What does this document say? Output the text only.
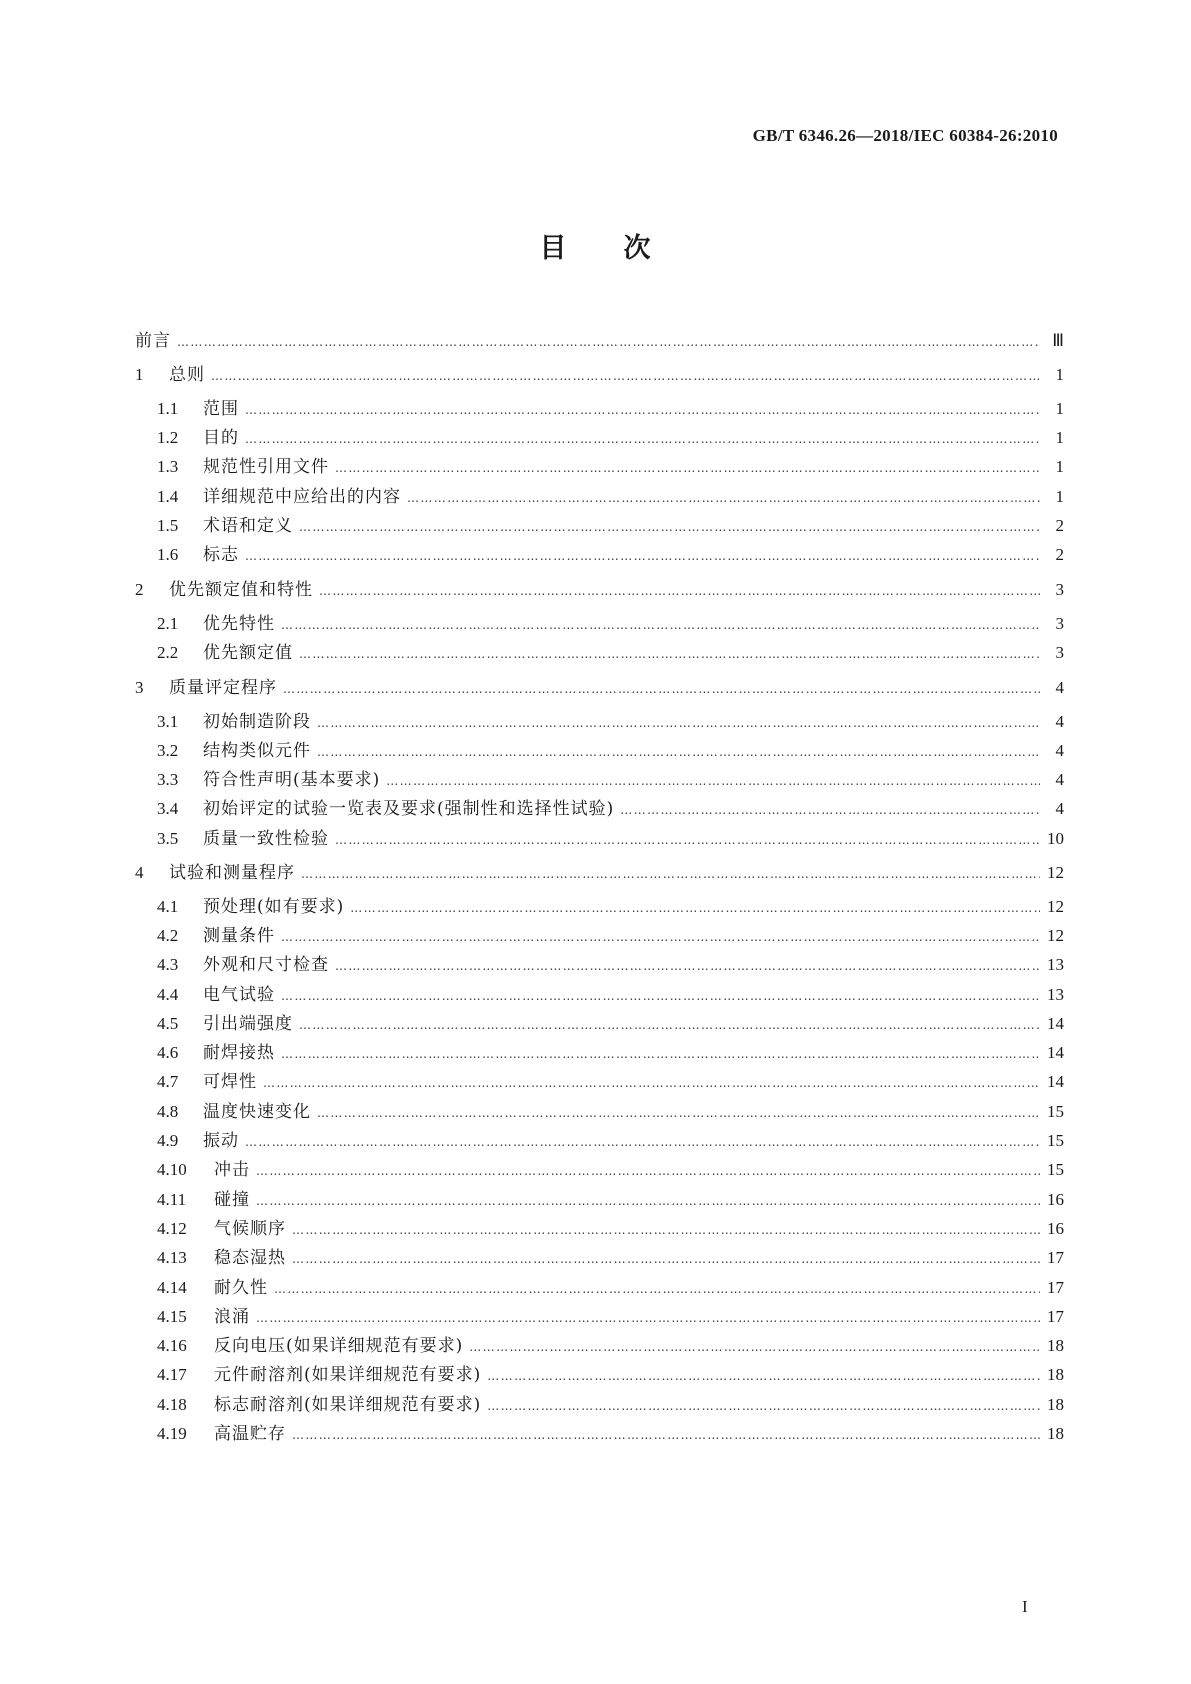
GB/T 6346.26—2018/IEC 60384-26:2010
目　　次
前言 ………………………………………………………………………………………………………………………………………………………………………………………………………………………………………………………………	Ⅲ
1	总则 ………………………………………………………………………………………………………………………………………………………………………………………………………………………………………………………………	1
1.1	范围 ………………………………………………………………………………………………………………………………………………………………………………………………………………………………………………………………	1
1.2	目的 ………………………………………………………………………………………………………………………………………………………………………………………………………………………………………………………………	1
1.3	规范性引用文件 ………………………………………………………………………………………………………………………………………………………………………………………………………………………………………………………………	1
1.4	详细规范中应给出的内容 ………………………………………………………………………………………………………………………………………………………………………………………………………………………………………………………………	1
1.5	术语和定义 ………………………………………………………………………………………………………………………………………………………………………………………………………………………………………………………………	2
1.6	标志 ………………………………………………………………………………………………………………………………………………………………………………………………………………………………………………………………	2
2	优先额定值和特性 ………………………………………………………………………………………………………………………………………………………………………………………………………………………………………………………………	3
2.1	优先特性 ………………………………………………………………………………………………………………………………………………………………………………………………………………………………………………………………	3
2.2	优先额定值 ………………………………………………………………………………………………………………………………………………………………………………………………………………………………………………………………	3
3	质量评定程序 ………………………………………………………………………………………………………………………………………………………………………………………………………………………………………………………………	4
3.1	初始制造阶段 ………………………………………………………………………………………………………………………………………………………………………………………………………………………………………………………………	4
3.2	结构类似元件 ………………………………………………………………………………………………………………………………………………………………………………………………………………………………………………………………	4
3.3	符合性声明(基本要求) ………………………………………………………………………………………………………………………………………………………………………………………………………………………………………………………………	4
3.4	初始评定的试验一览表及要求(强制性和选择性试验) ………………………………………………………………………………………………………………………………………………………………………………………………………………………………………………………………	4
3.5	质量一致性检验 ………………………………………………………………………………………………………………………………………………………………………………………………………………………………………………………………	10
4	试验和测量程序 ………………………………………………………………………………………………………………………………………………………………………………………………………………………………………………………………	12
4.1	预处理(如有要求) ………………………………………………………………………………………………………………………………………………………………………………………………………………………………………………………………	12
4.2	测量条件 ………………………………………………………………………………………………………………………………………………………………………………………………………………………………………………………………	12
4.3	外观和尺寸检查 ………………………………………………………………………………………………………………………………………………………………………………………………………………………………………………………………	13
4.4	电气试验 ………………………………………………………………………………………………………………………………………………………………………………………………………………………………………………………………	13
4.5	引出端强度 ………………………………………………………………………………………………………………………………………………………………………………………………………………………………………………………………	14
4.6	耐焊接热 ………………………………………………………………………………………………………………………………………………………………………………………………………………………………………………………………	14
4.7	可焊性 ………………………………………………………………………………………………………………………………………………………………………………………………………………………………………………………………	14
4.8	温度快速变化 ………………………………………………………………………………………………………………………………………………………………………………………………………………………………………………………………	15
4.9	振动 ………………………………………………………………………………………………………………………………………………………………………………………………………………………………………………………………	15
4.10	冲击 ………………………………………………………………………………………………………………………………………………………………………………………………………………………………………………………………	15
4.11	碰撞 ………………………………………………………………………………………………………………………………………………………………………………………………………………………………………………………………	16
4.12	气候顺序 ………………………………………………………………………………………………………………………………………………………………………………………………………………………………………………………………	16
4.13	稳态湿热 ………………………………………………………………………………………………………………………………………………………………………………………………………………………………………………………………	17
4.14	耐久性 ………………………………………………………………………………………………………………………………………………………………………………………………………………………………………………………………	17
4.15	浪涌 ………………………………………………………………………………………………………………………………………………………………………………………………………………………………………………………………	17
4.16	反向电压(如果详细规范有要求) ………………………………………………………………………………………………………………………………………………………………………………………………………………………………………………………………	18
4.17	元件耐溶剂(如果详细规范有要求) ………………………………………………………………………………………………………………………………………………………………………………………………………………………………………………………………	18
4.18	标志耐溶剂(如果详细规范有要求) ………………………………………………………………………………………………………………………………………………………………………………………………………………………………………………………………	18
4.19	高温贮存 ………………………………………………………………………………………………………………………………………………………………………………………………………………………………………………………………	18
I
